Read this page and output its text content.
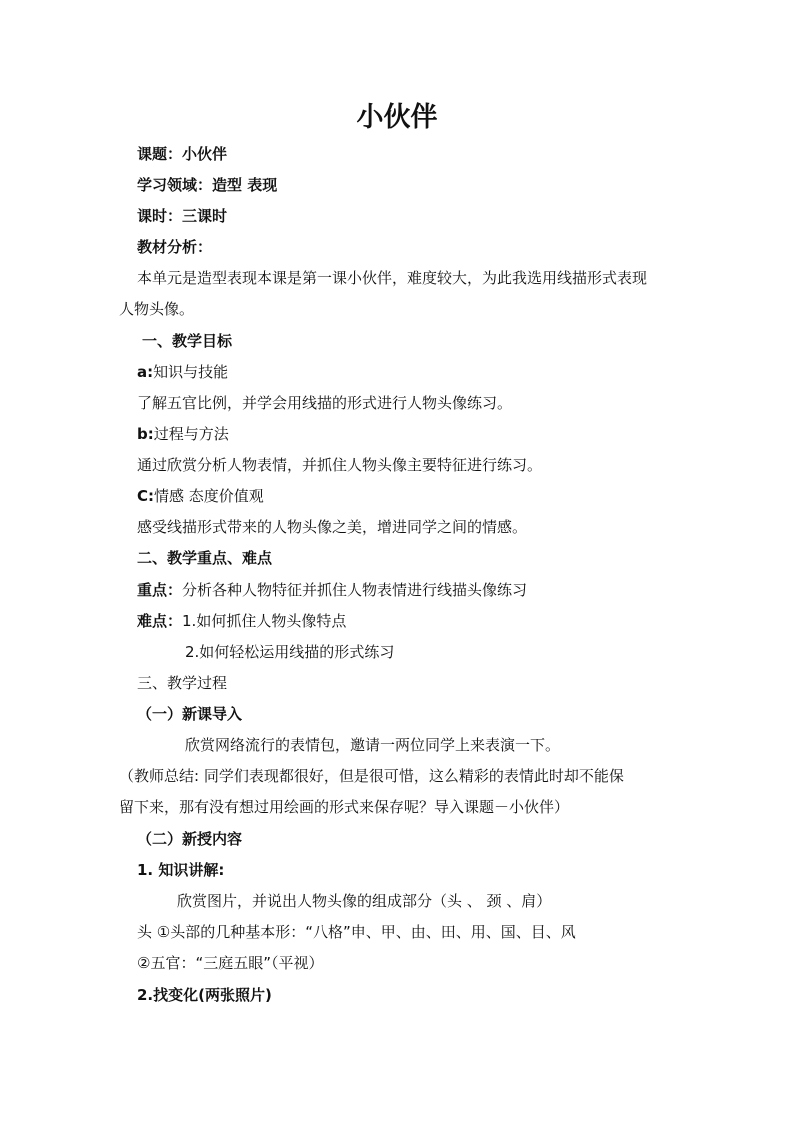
小伙伴
课题：小伙伴
学习领域：造型 表现
课时：三课时
教材分析：
本单元是造型表现本课是第一课小伙伴，难度较大，为此我选用线描形式表现
人物头像。
一、教学目标
a:知识与技能
了解五官比例，并学会用线描的形式进行人物头像练习。
b:过程与方法
通过欣赏分析人物表情，并抓住人物头像主要特征进行练习。
C:情感 态度价值观
感受线描形式带来的人物头像之美，增进同学之间的情感。
二、教学重点、难点
重点：分析各种人物特征并抓住人物表情进行线描头像练习
难点：1.如何抓住人物头像特点
2.如何轻松运用线描的形式练习
三、教学过程
（一）新课导入
欣赏网络流行的表情包，邀请一两位同学上来表演一下。
（教师总结: 同学们表现都很好，但是很可惜，这么精彩的表情此时却不能保
留下来，那有没有想过用绘画的形式来保存呢？导入课题－小伙伴）
（二）新授内容
1. 知识讲解:
欣赏图片，并说出人物头像的组成部分（头 、 颈 、肩）
头 ①头部的几种基本形：“八格”申、甲、由、田、用、国、目、风
②五官：“三庭五眼”（平视）
2.找变化(两张照片)
